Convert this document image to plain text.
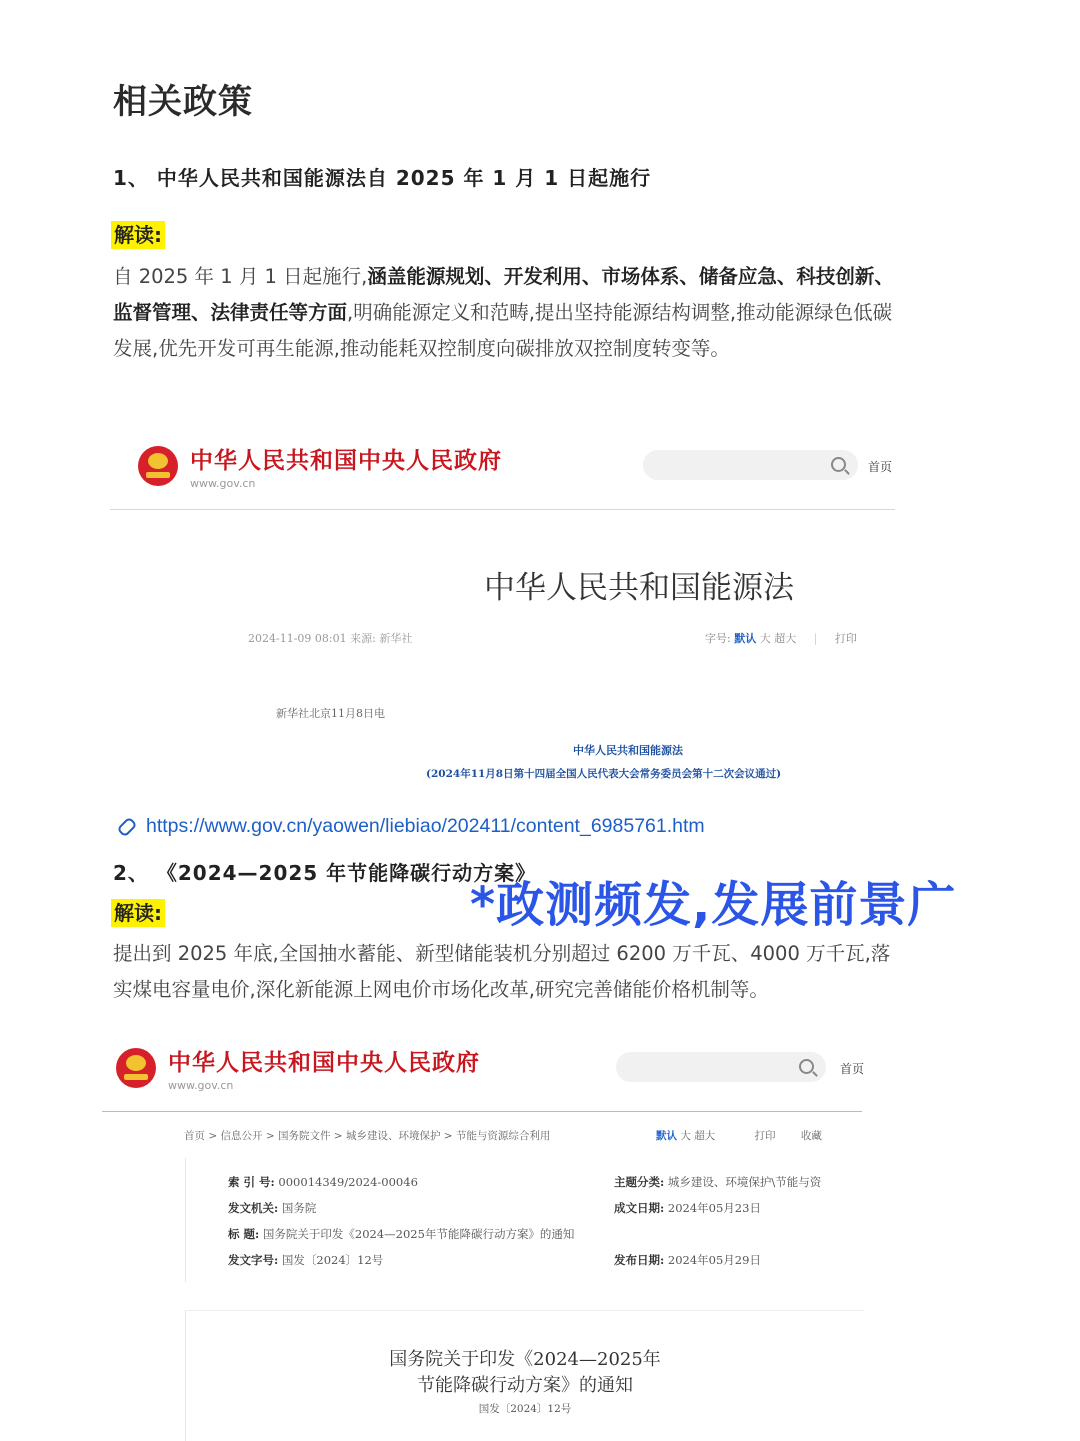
相关政策
1、 中华人民共和国能源法自 2025 年 1 月 1 日起施行
解读:

自 2025 年 1 月 1 日起施行,涵盖能源规划、开发利用、市场体系、储备应急、科技创新、监督管理、法律责任等方面,明确能源定义和范畴,提出坚持能源结构调整,推动能源绿色低碳发展,优先开发可再生能源,推动能耗双控制度向碳排放双控制度转变等。

中华人民共和国中央人民政府
www.gov.cn
首页
中华人民共和国能源法
2024-11-09 08:01 来源: 新华社	字号: 默认 大 超大 | 打印
新华社北京11月8日电
中华人民共和国能源法
(2024年11月8日第十四届全国人民代表大会常务委员会第十二次会议通过)
https://www.gov.cn/yaowen/liebiao/202411/content_6985761.htm
2、 《2024—2025 年节能降碳行动方案》
*政测频发,发展前景广
解读:

提出到 2025 年底,全国抽水蓄能、新型储能装机分别超过 6200 万千瓦、4000 万千瓦,落实煤电容量电价,深化新能源上网电价市场化改革,研究完善储能价格机制等。

中华人民共和国中央人民政府
www.gov.cn
首页
首页 > 信息公开 > 国务院文件 > 城乡建设、环境保护 > 节能与资源综合利用	默认 大 超大	打印 收藏
索 引 号: 000014349/2024-00046	主题分类: 城乡建设、环境保护\节能与资
发文机关: 国务院	成文日期: 2024年05月23日
标 题: 国务院关于印发《2024—2025年节能降碳行动方案》的通知
发文字号: 国发〔2024〕12号	发布日期: 2024年05月29日
国务院关于印发《2024—2025年
节能降碳行动方案》的通知
国发〔2024〕12号
